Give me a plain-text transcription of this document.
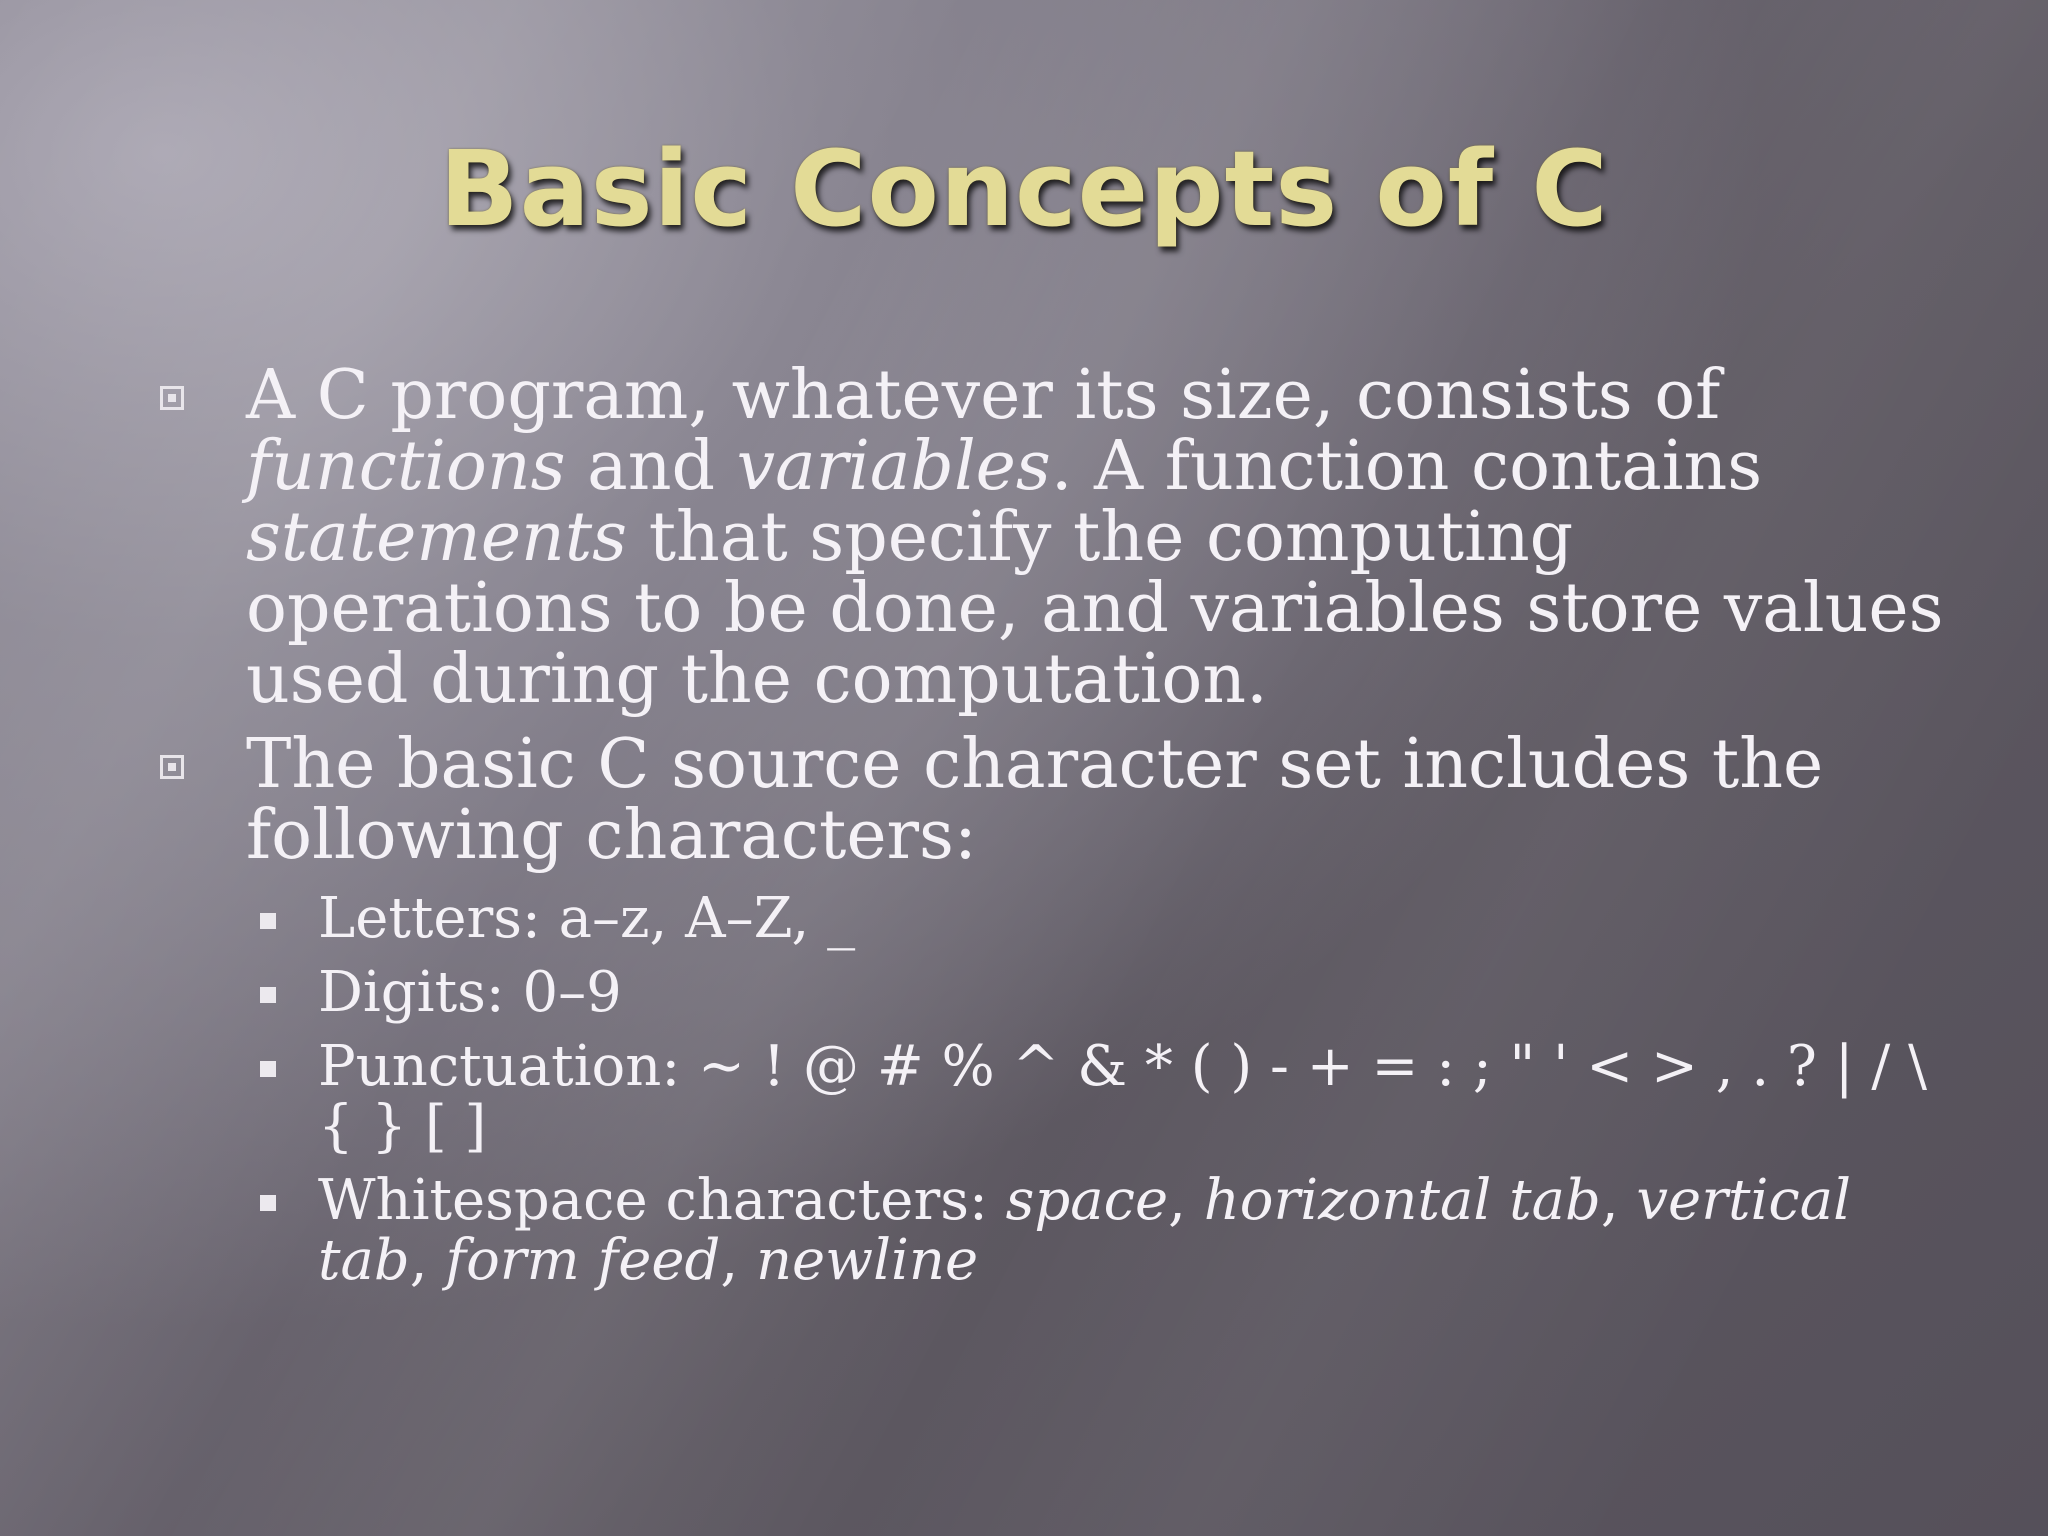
Basic Concepts of C
A C program, whatever its size, consists of functions and variables. A function contains statements that specify the computing operations to be done, and variables store values used during the computation.
The basic C source character set includes the following characters:
Letters: a–z, A–Z, _
Digits: 0–9
Punctuation: ~ ! @ # % ^ & * ( ) - + = : ; " ' < > , . ? | / \ { } [ ]
Whitespace characters: space, horizontal tab, vertical tab, form feed, newline
